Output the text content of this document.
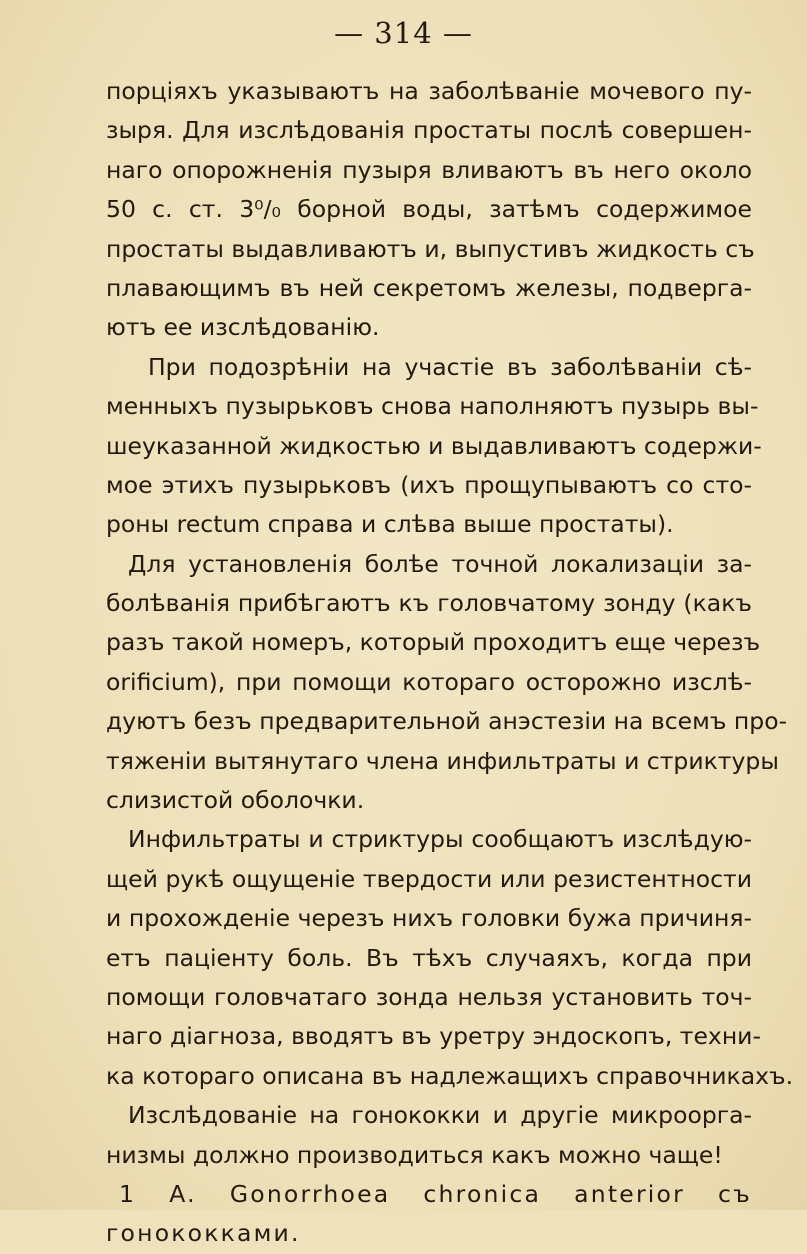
— 314 —
порціяхъ указываютъ на заболѣваніе мочевого пу-
зыря. Для изслѣдованія простаты послѣ совершен-
наго опорожненія пузыря вливаютъ въ него около
50 с. ст. 3⁰/₀ борной воды, затѣмъ содержимое
простаты выдавливаютъ и, выпустивъ жидкость съ
плавающимъ въ ней секретомъ железы, подверга-
ютъ ее изслѣдованію.
При подозрѣніи на участіе въ заболѣваніи сѣ-
менныхъ пузырьковъ снова наполняютъ пузырь вы-
шеуказанной жидкостью и выдавливаютъ содержи-
мое этихъ пузырьковъ (ихъ прощупываютъ со сто-
роны rectum справа и слѣва выше простаты).
Для установленія болѣе точной локализаціи за-
болѣванія прибѣгаютъ къ головчатому зонду (какъ
разъ такой номеръ, который проходитъ еще черезъ
orificium), при помощи котораго осторожно изслѣ-
дуютъ безъ предварительной анэстезіи на всемъ про-
тяженіи вытянутаго члена инфильтраты и стриктуры
слизистой оболочки.
Инфильтраты и стриктуры сообщаютъ изслѣдую-
щей рукѣ ощущеніе твердости или резистентности
и прохожденіе черезъ нихъ головки бужа причиня-
етъ паціенту боль. Въ тѣхъ случаяхъ, когда при
помощи головчатаго зонда нельзя установить точ-
наго діагноза, вводятъ въ уретру эндоскопъ, техни-
ка котораго описана въ надлежащихъ справочникахъ.
Изслѣдованіе на гонококки и другіе микроорга-
низмы должно производиться какъ можно чаще!
1 A. Gonorrhoea chronica anterior съ
гонококками.
